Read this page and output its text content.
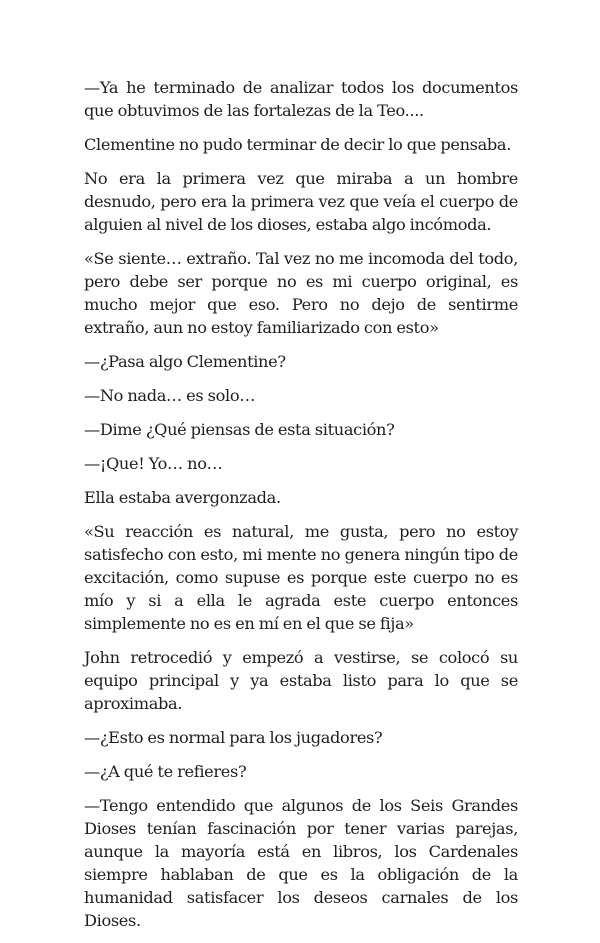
—Ya he terminado de analizar todos los documentos que obtuvimos de las fortalezas de la Teo....

Clementine no pudo terminar de decir lo que pensaba.

No era la primera vez que miraba a un hombre desnudo, pero era la primera vez que veía el cuerpo de alguien al nivel de los dioses, estaba algo incómoda.

«Se siente… extraño. Tal vez no me incomoda del todo, pero debe ser porque no es mi cuerpo original, es mucho mejor que eso. Pero no dejo de sentirme extraño, aun no estoy familiarizado con esto»

—¿Pasa algo Clementine?

—No nada… es solo…

—Dime ¿Qué piensas de esta situación?

—¡Que! Yo… no…

Ella estaba avergonzada.

«Su reacción es natural, me gusta, pero no estoy satisfecho con esto, mi mente no genera ningún tipo de excitación, como supuse es porque este cuerpo no es mío y si a ella le agrada este cuerpo entonces simplemente no es en mí en el que se fija»

John retrocedió y empezó a vestirse, se colocó su equipo principal y ya estaba listo para lo que se aproximaba.

—¿Esto es normal para los jugadores?

—¿A qué te refieres?

—Tengo entendido que algunos de los Seis Grandes Dioses tenían fascinación por tener varias parejas, aunque la mayoría está en libros, los Cardenales siempre hablaban de que es la obligación de la humanidad satisfacer los deseos carnales de los Dioses.
